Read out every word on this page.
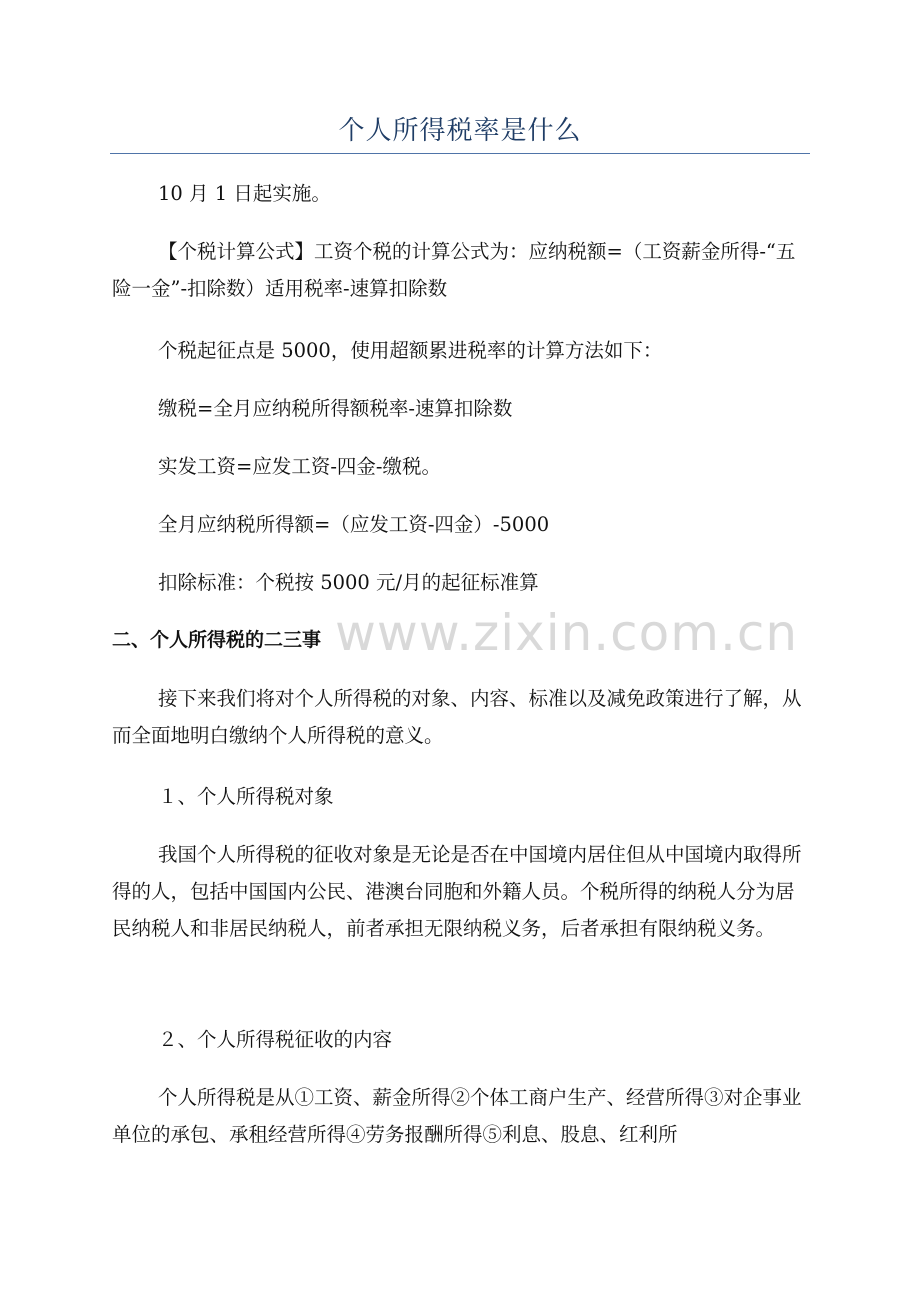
个人所得税率是什么

10 月 1 日起实施。

【个税计算公式】工资个税的计算公式为：应纳税额=（工资薪金所得-“五险一金”-扣除数）适用税率-速算扣除数

个税起征点是 5000，使用超额累进税率的计算方法如下：

缴税=全月应纳税所得额税率-速算扣除数

实发工资=应发工资-四金-缴税。

全月应纳税所得额=（应发工资-四金）-5000

扣除标准：个税按 5000 元/月的起征标准算

二、个人所得税的二三事

接下来我们将对个人所得税的对象、内容、标准以及减免政策进行了解，从而全面地明白缴纳个人所得税的意义。

１、个人所得税对象

我国个人所得税的征收对象是无论是否在中国境内居住但从中国境内取得所得的人，包括中国国内公民、港澳台同胞和外籍人员。个税所得的纳税人分为居民纳税人和非居民纳税人，前者承担无限纳税义务，后者承担有限纳税义务。

２、个人所得税征收的内容

个人所得税是从①工资、薪金所得②个体工商户生产、经营所得③对企事业单位的承包、承租经营所得④劳务报酬所得⑤利息、股息、红利所

www.zixin.com.cn
